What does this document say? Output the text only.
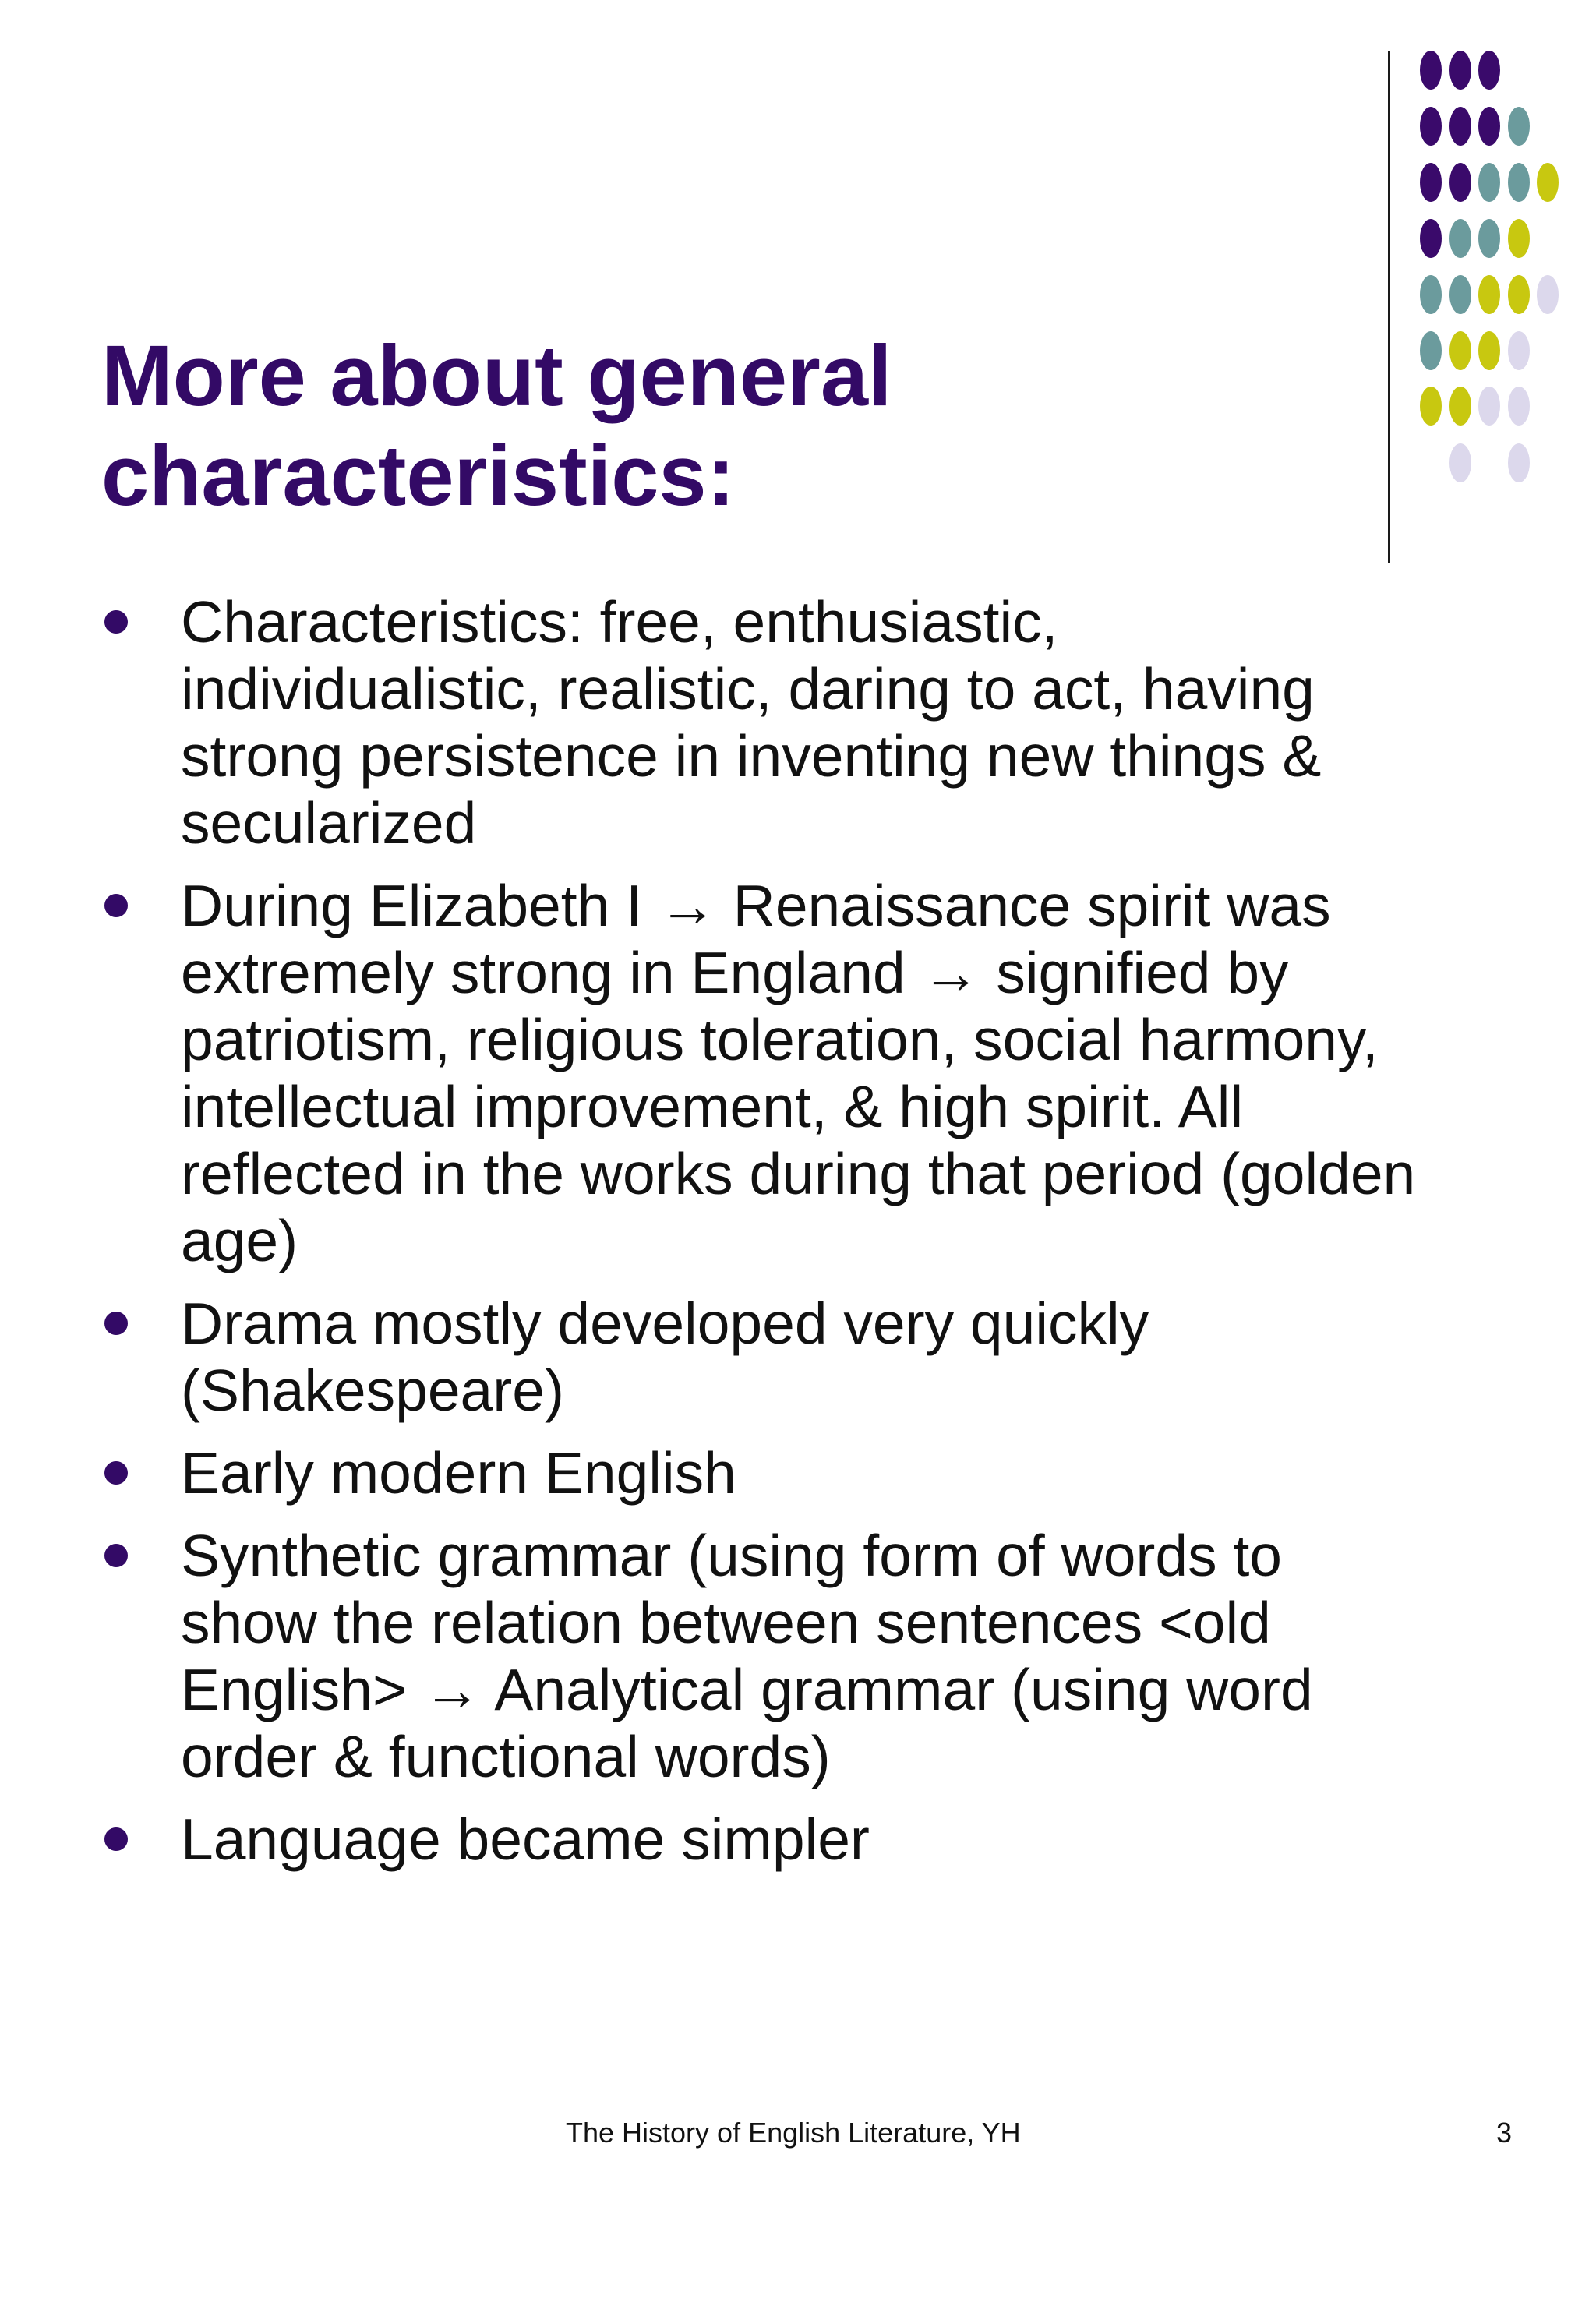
More about general
characteristics:
Characteristics: free, enthusiastic,
individualistic, realistic, daring to act, having
strong persistence in inventing new things &
secularized
During Elizabeth I → Renaissance spirit was
extremely strong in England → signified by
patriotism, religious toleration, social harmony,
intellectual improvement, & high spirit. All
reflected in the works during that period (golden
age)
Drama mostly developed very quickly
(Shakespeare)
Early modern English
Synthetic grammar (using form of words to
show the relation between sentences <old
English> → Analytical grammar (using word
order & functional words)
Language became simpler
The History of English Literature, YH	3
